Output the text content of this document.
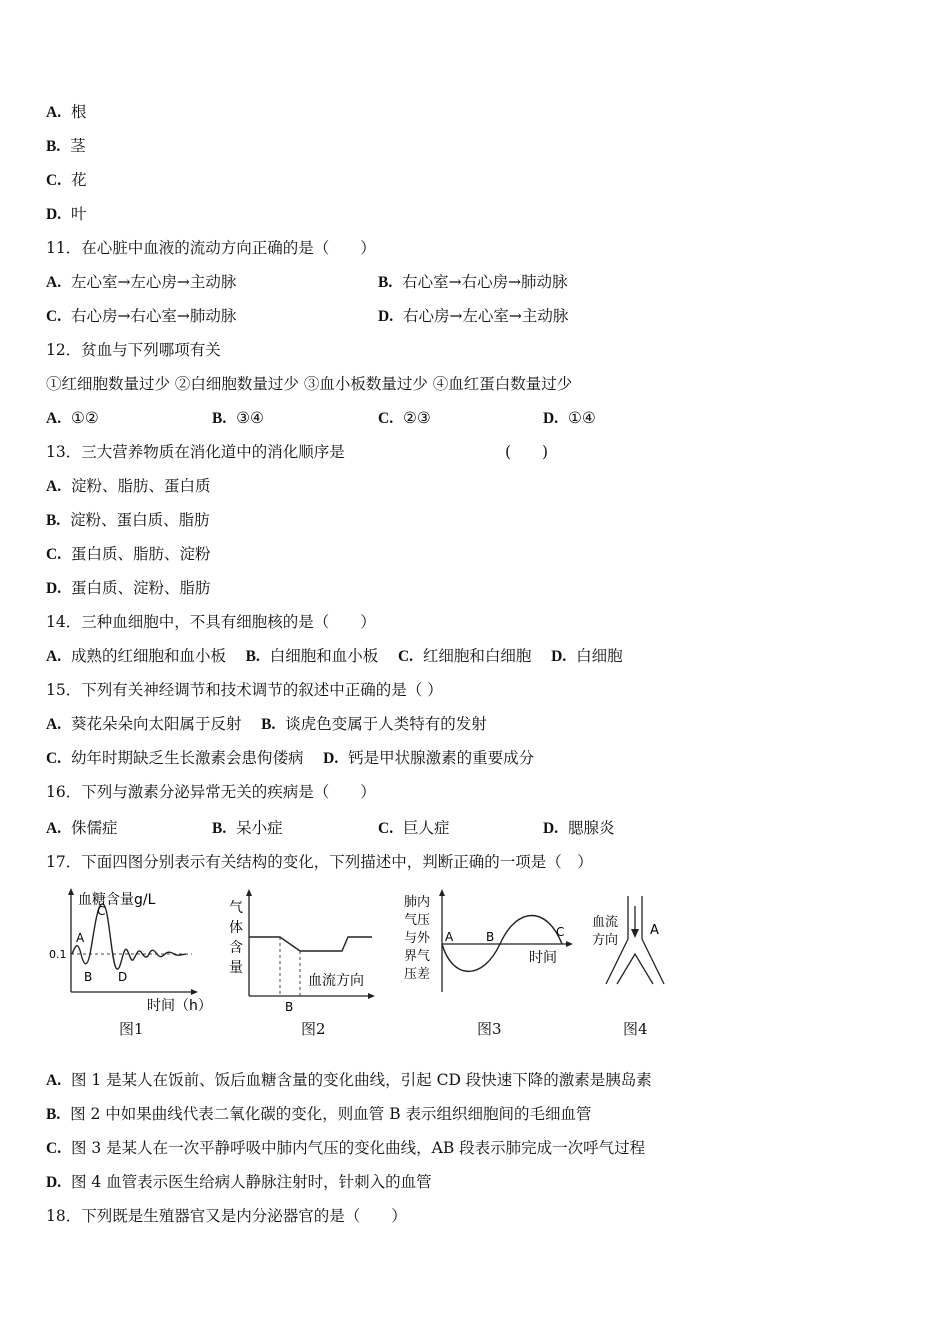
A. 根
B. 茎
C. 花
D. 叶
11．在心脏中血液的流动方向正确的是（　　）
A. 左心室→左心房→主动脉	B. 右心室→右心房→肺动脉
C. 右心房→右心室→肺动脉	D. 右心房→左心室→主动脉
12．贫血与下列哪项有关
①红细胞数量过少 ②白细胞数量过少 ③血小板数量过少 ④血红蛋白数量过少
A. ①②	B. ③④	C. ②③	D. ①④
13．三大营养物质在消化道中的消化顺序是	(　　)
A. 淀粉、脂肪、蛋白质
B. 淀粉、蛋白质、脂肪
C. 蛋白质、脂肪、淀粉
D. 蛋白质、淀粉、脂肪
14．三种血细胞中，不具有细胞核的是（　　）
A. 成熟的红细胞和血小板 B. 白细胞和血小板 C. 红细胞和白细胞 D. 白细胞
15．下列有关神经调节和技术调节的叙述中正确的是（ ）
A. 葵花朵朵向太阳属于反射 B. 谈虎色变属于人类特有的发射
C. 幼年时期缺乏生长激素会患佝偻病 D. 钙是甲状腺激素的重要成分
16．下列与激素分泌异常无关的疾病是（　　）
A. 侏儒症	B. 呆小症	C. 巨人症	D. 腮腺炎
17．下面四图分别表示有关结构的变化，下列描述中，判断正确的一项是（　）
0.1
血糖含量g/L
A
B
C
D
时间（h）
图1
气
体
含
量
血流方向
B
图2
肺内
气压
与外
界气
压差
A	B	C
时间
图3
血流
方向
A
图4
A. 图 1 是某人在饭前、饭后血糖含量的变化曲线，引起 CD 段快速下降的激素是胰岛素
B. 图 2 中如果曲线代表二氧化碳的变化，则血管 B 表示组织细胞间的毛细血管
C. 图 3 是某人在一次平静呼吸中肺内气压的变化曲线，AB 段表示肺完成一次呼气过程
D. 图 4 血管表示医生给病人静脉注射时，针刺入的血管
18．下列既是生殖器官又是内分泌器官的是（　　）
